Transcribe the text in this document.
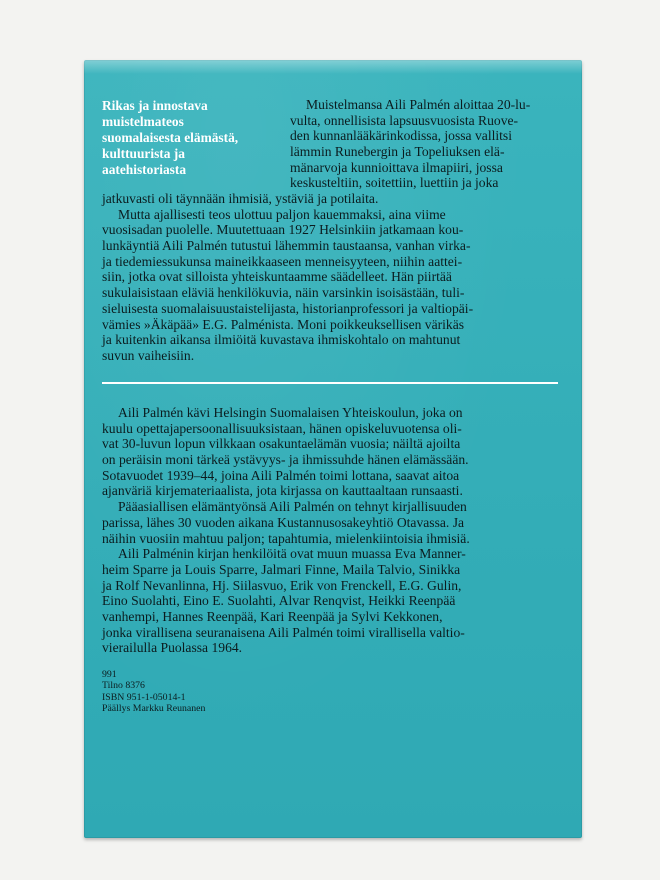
Rikas ja innostava
muistelmateos
suomalaisesta elämästä,
kulttuurista ja
aatehistoriasta
Muistelmansa Aili Palmén aloittaa 20-lu-
vulta, onnellisista lapsuusvuosista Ruove-
den kunnanlääkärinkodissa, jossa vallitsi
lämmin Runebergin ja Topeliuksen elä-
mänarvoja kunnioittava ilmapiiri, jossa
keskusteltiin, soitettiin, luettiin ja joka
jatkuvasti oli täynnään ihmisiä, ystäviä ja potilaita.
Mutta ajallisesti teos ulottuu paljon kauemmaksi, aina viime
vuosisadan puolelle. Muutettuaan 1927 Helsinkiin jatkamaan kou-
lunkäyntiä Aili Palmén tutustui lähemmin taustaansa, vanhan virka-
ja tiedemiessukunsa maineikkaaseen menneisyyteen, niihin aattei-
siin, jotka ovat silloista yhteiskuntaamme säädelleet. Hän piirtää
sukulaisistaan eläviä henkilökuvia, näin varsinkin isoisästään, tuli-
sieluisesta suomalaisuustaistelijasta, historianprofessori ja valtiopäi-
vämies »Äkäpää» E.G. Palménista. Moni poikkeuksellisen värikäs
ja kuitenkin aikansa ilmiöitä kuvastava ihmiskohtalo on mahtunut
suvun vaiheisiin.
Aili Palmén kävi Helsingin Suomalaisen Yhteiskoulun, joka on
kuulu opettajapersoonallisuuksistaan, hänen opiskeluvuotensa oli-
vat 30-luvun lopun vilkkaan osakuntaelämän vuosia; näiltä ajoilta
on peräisin moni tärkeä ystävyys- ja ihmissuhde hänen elämässään.
Sotavuodet 1939–44, joina Aili Palmén toimi lottana, saavat aitoa
ajanväriä kirjemateriaalista, jota kirjassa on kauttaaltaan runsaasti.
Pääasiallisen elämäntyönsä Aili Palmén on tehnyt kirjallisuuden
parissa, lähes 30 vuoden aikana Kustannusosakeyhtiö Otavassa. Ja
näihin vuosiin mahtuu paljon; tapahtumia, mielenkiintoisia ihmisiä.
Aili Palménin kirjan henkilöitä ovat muun muassa Eva Manner-
heim Sparre ja Louis Sparre, Jalmari Finne, Maila Talvio, Sinikka
ja Rolf Nevanlinna, Hj. Siilasvuo, Erik von Frenckell, E.G. Gulin,
Eino Suolahti, Eino E. Suolahti, Alvar Renqvist, Heikki Reenpää
vanhempi, Hannes Reenpää, Kari Reenpää ja Sylvi Kekkonen,
jonka virallisena seuranaisena Aili Palmén toimi virallisella valtio-
vierailulla Puolassa 1964.
991
Tilno 8376
ISBN 951-1-05014-1
Päällys Markku Reunanen
